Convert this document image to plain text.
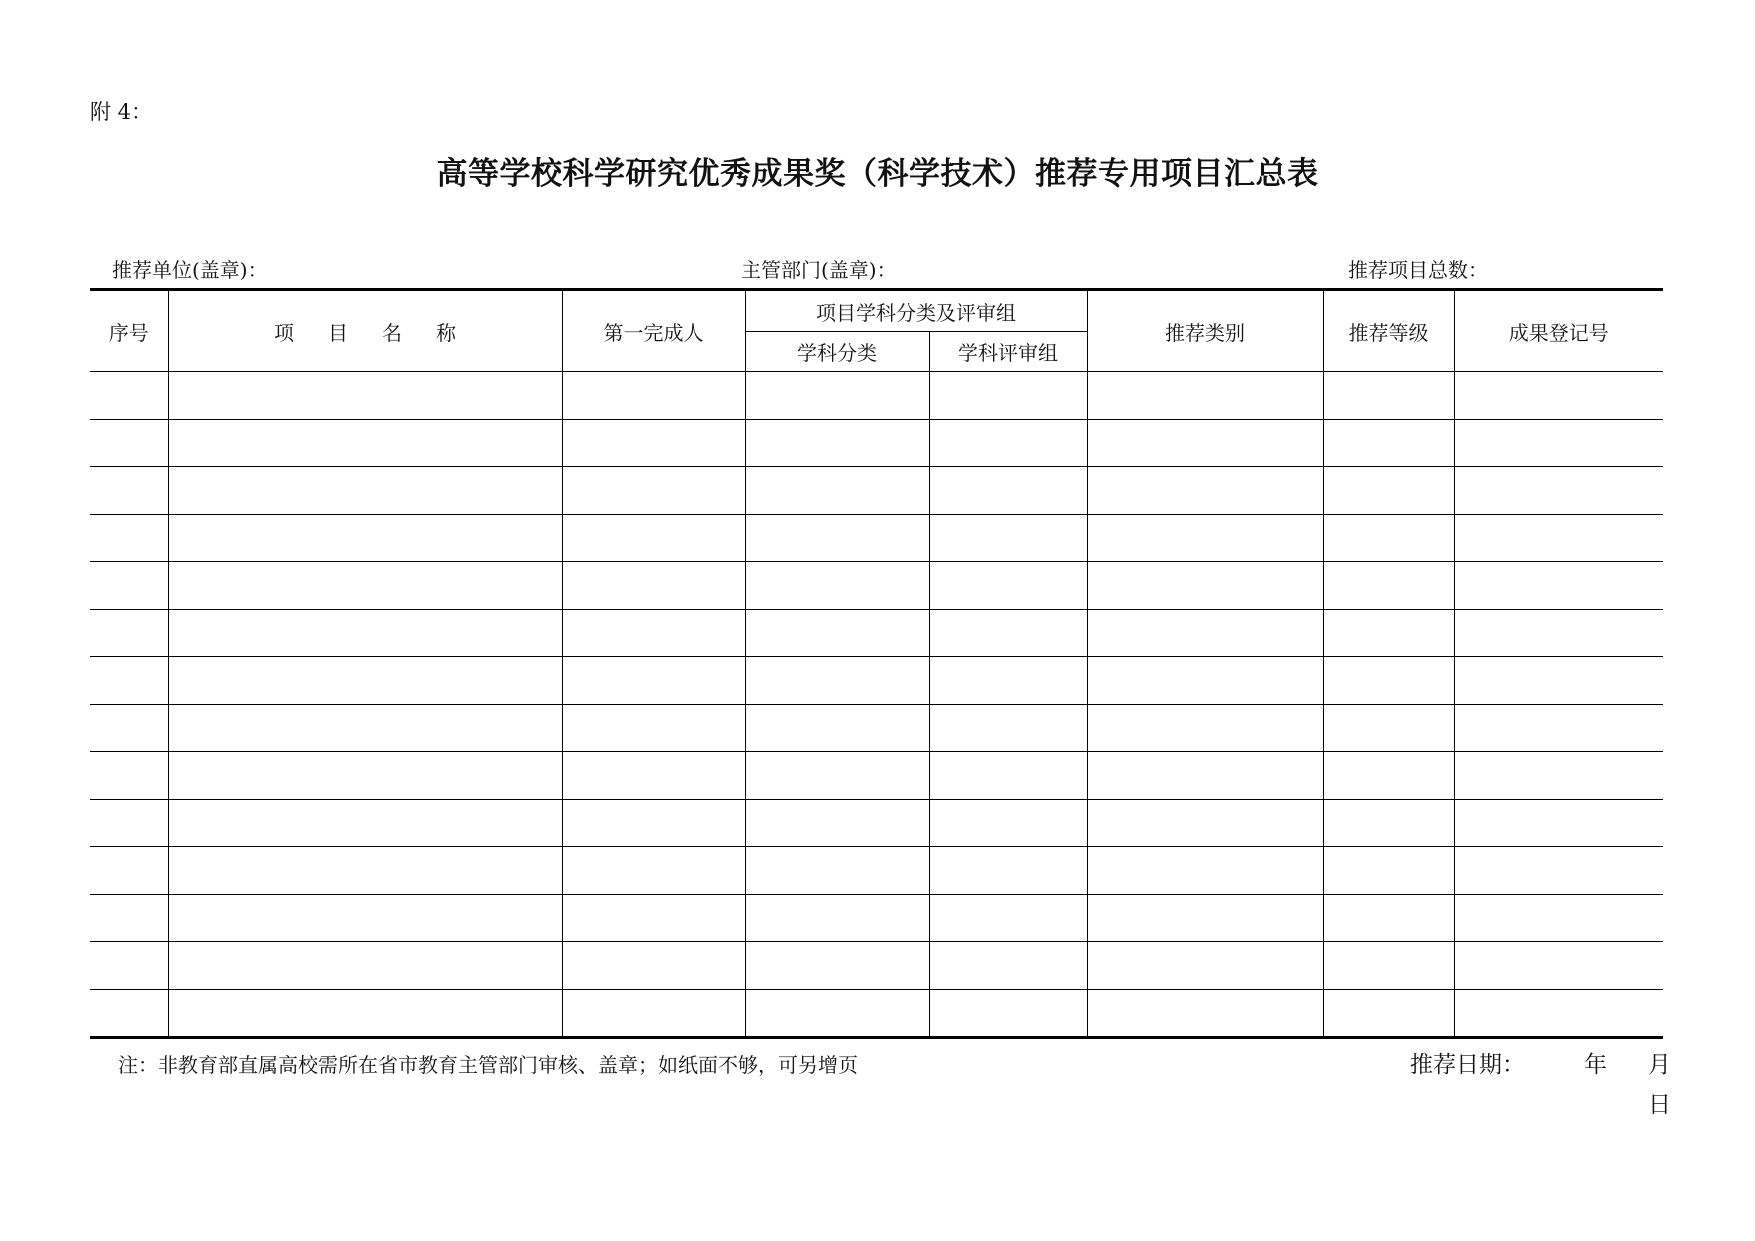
附 4：
高等学校科学研究优秀成果奖（科学技术）推荐专用项目汇总表
推荐单位(盖章)：	主管部门(盖章)：	推荐项目总数：
序号	项目名称	第一完成人	项目学科分类及评审组		推荐类别	推荐等级	成果登记号
			学科分类	学科评审组			

注：非教育部直属高校需所在省市教育主管部门审核、盖章；如纸面不够，可另增页	推荐日期：	年 月
日
